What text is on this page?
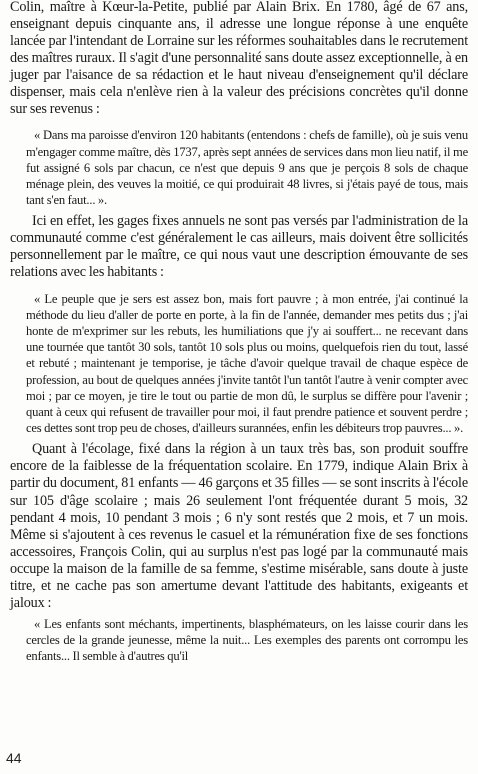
Colin, maître à Kœur-la-Petite, publié par Alain Brix. En 1780, âgé de 67 ans, enseignant depuis cinquante ans, il adresse une longue réponse à une enquête lancée par l'intendant de Lorraine sur les réformes souhaitables dans le recrutement des maîtres ruraux. Il s'agit d'une personnalité sans doute assez exceptionnelle, à en juger par l'aisance de sa rédaction et le haut niveau d'enseignement qu'il déclare dispenser, mais cela n'enlève rien à la valeur des précisions concrètes qu'il donne sur ses revenus :

« Dans ma paroisse d'environ 120 habitants (entendons : chefs de famille), où je suis venu m'engager comme maître, dès 1737, après sept années de services dans mon lieu natif, il me fut assigné 6 sols par chacun, ce n'est que depuis 9 ans que je perçois 8 sols de chaque ménage plein, des veuves la moitié, ce qui produirait 48 livres, si j'étais payé de tous, mais tant s'en faut... ».

Ici en effet, les gages fixes annuels ne sont pas versés par l'administration de la communauté comme c'est généralement le cas ailleurs, mais doivent être sollicités personnellement par le maître, ce qui nous vaut une description émouvante de ses relations avec les habitants :

« Le peuple que je sers est assez bon, mais fort pauvre ; à mon entrée, j'ai continué la méthode du lieu d'aller de porte en porte, à la fin de l'année, demander mes petits dus ; j'ai honte de m'exprimer sur les rebuts, les humiliations que j'y ai souffert... ne recevant dans une tournée que tantôt 30 sols, tantôt 10 sols plus ou moins, quelquefois rien du tout, lassé et rebuté ; maintenant je temporise, je tâche d'avoir quelque travail de chaque espèce de profession, au bout de quelques années j'invite tantôt l'un tantôt l'autre à venir compter avec moi ; par ce moyen, je tire le tout ou partie de mon dû, le surplus se diffère pour l'avenir ; quant à ceux qui refusent de travailler pour moi, il faut prendre patience et souvent perdre ; ces dettes sont trop peu de choses, d'ailleurs surannées, enfin les débiteurs trop pauvres... ».

Quant à l'écolage, fixé dans la région à un taux très bas, son produit souffre encore de la faiblesse de la fréquentation scolaire. En 1779, indique Alain Brix à partir du document, 81 enfants — 46 garçons et 35 filles — se sont inscrits à l'école sur 105 d'âge scolaire ; mais 26 seulement l'ont fréquentée durant 5 mois, 32 pendant 4 mois, 10 pendant 3 mois ; 6 n'y sont restés que 2 mois, et 7 un mois. Même si s'ajoutent à ces revenus le casuel et la rémunération fixe de ses fonctions accessoires, François Colin, qui au surplus n'est pas logé par la communauté mais occupe la maison de la famille de sa femme, s'estime misérable, sans doute à juste titre, et ne cache pas son amertume devant l'attitude des habitants, exigeants et jaloux :

« Les enfants sont méchants, impertinents, blasphémateurs, on les laisse courir dans les cercles de la grande jeunesse, même la nuit... Les exemples des parents ont corrompu les enfants... Il semble à d'autres qu'il

44
